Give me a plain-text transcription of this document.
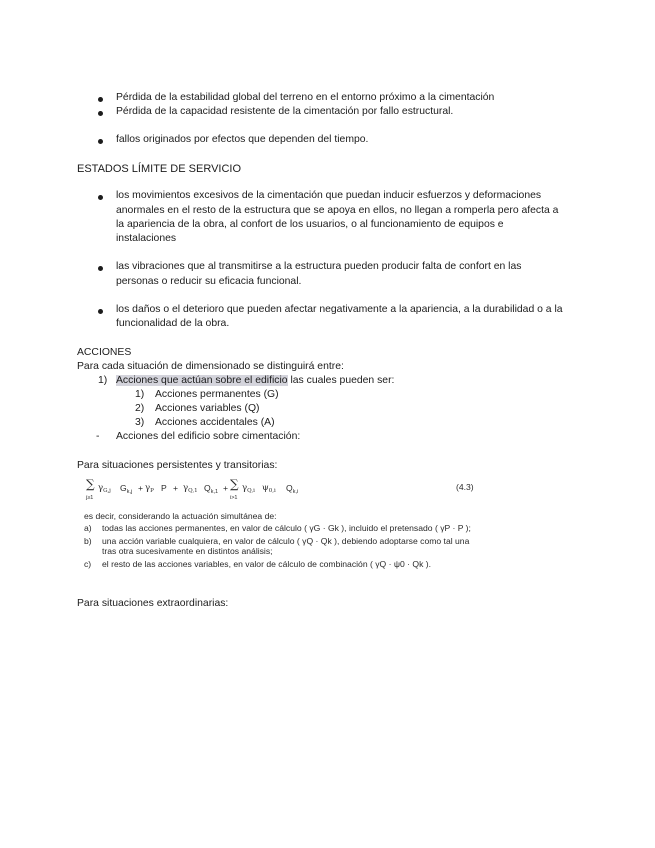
Pérdida de la estabilidad global del terreno en el entorno próximo a la cimentación
Pérdida de la capacidad resistente de la cimentación por fallo estructural.
fallos originados por efectos que dependen del tiempo.
ESTADOS LÍMITE DE SERVICIO
los movimientos excesivos de la cimentación que puedan inducir esfuerzos y deformaciones
anormales en el resto de la estructura que se apoya en ellos, no llegan a romperla pero afecta a
la apariencia de la obra, al confort de los usuarios, o al funcionamiento de equipos e
instalaciones
las vibraciones que al transmitirse a la estructura pueden producir falta de confort en las
personas o reducir su eficacia funcional.
los daños o el deterioro que pueden afectar negativamente a la apariencia, a la durabilidad o a la
funcionalidad de la obra.
ACCIONES
Para cada situación de dimensionado se distinguirá entre:
1) Acciones que actúan sobre el edificio las cuales pueden ser:
1) Acciones permanentes (G)
2) Acciones variables (Q)
3) Acciones accidentales (A)
- Acciones del edificio sobre cimentación:
Para situaciones persistentes y transitorias:
∑
j≥1
$\gamma_{G,j}$ $G_{k,j} + \gamma_P$ $P + \gamma_{Q,1}$ $Q_{k,1}$ + ∑
i>1
$\gamma_{Q,i}$ $\psi_{0,i}$ $Q_{k,i}$	(4.3)
es decir, considerando la actuación simultánea de:
a) todas las acciones permanentes, en valor de cálculo ( γG · Gk ), incluido el pretensado ( γP · P );
b) una acción variable cualquiera, en valor de cálculo ( γQ · Qk ), debiendo adoptarse como tal una
tras otra sucesivamente en distintos análisis;
c) el resto de las acciones variables, en valor de cálculo de combinación ( γQ · ψ0 · Qk ).
Para situaciones extraordinarias:
